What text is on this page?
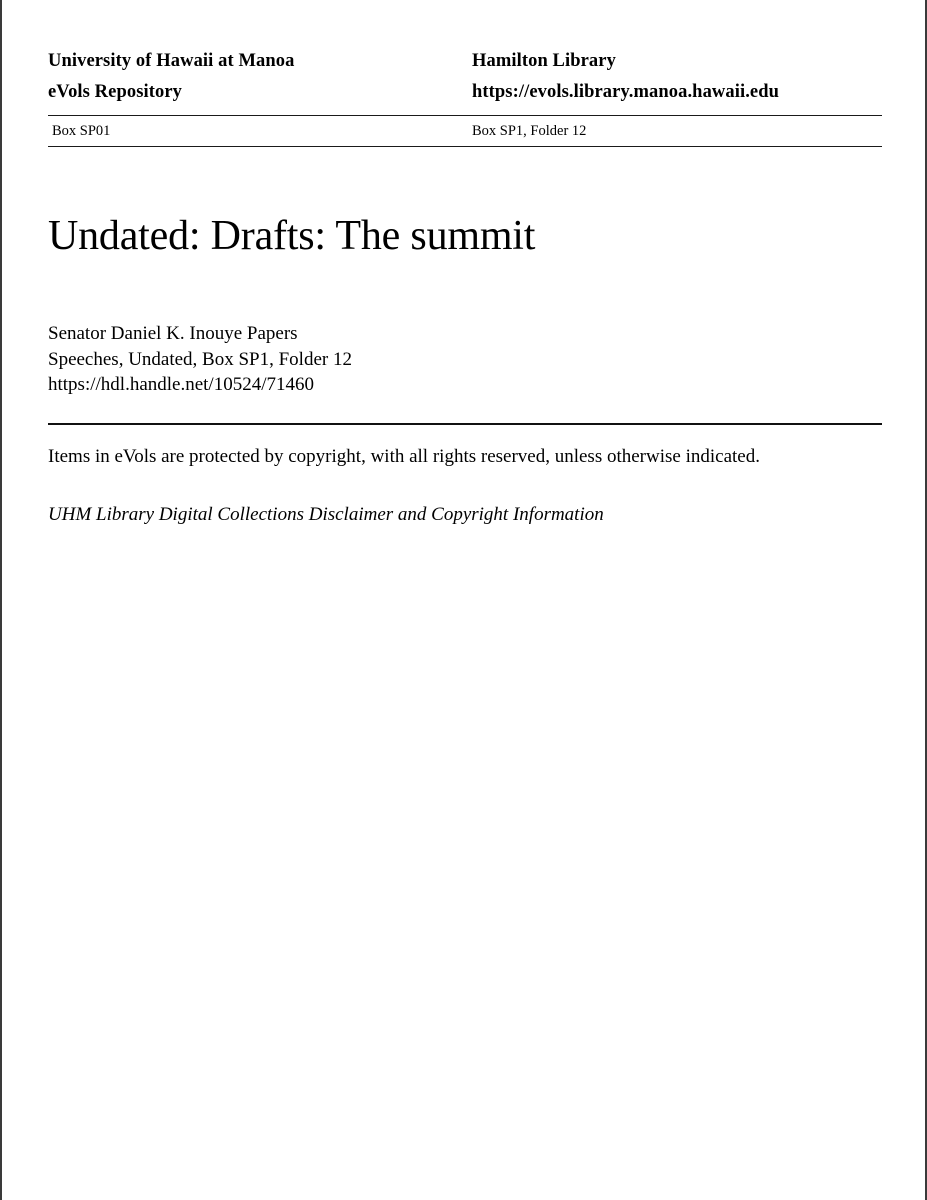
University of Hawaii at Manoa	Hamilton Library
eVols Repository	https://evols.library.manoa.hawaii.edu
Box SP01	Box SP1, Folder 12
Undated: Drafts: The summit
Senator Daniel K. Inouye Papers
Speeches, Undated, Box SP1, Folder 12
https://hdl.handle.net/10524/71460
Items in eVols are protected by copyright, with all rights reserved, unless otherwise indicated.
UHM Library Digital Collections Disclaimer and Copyright Information
